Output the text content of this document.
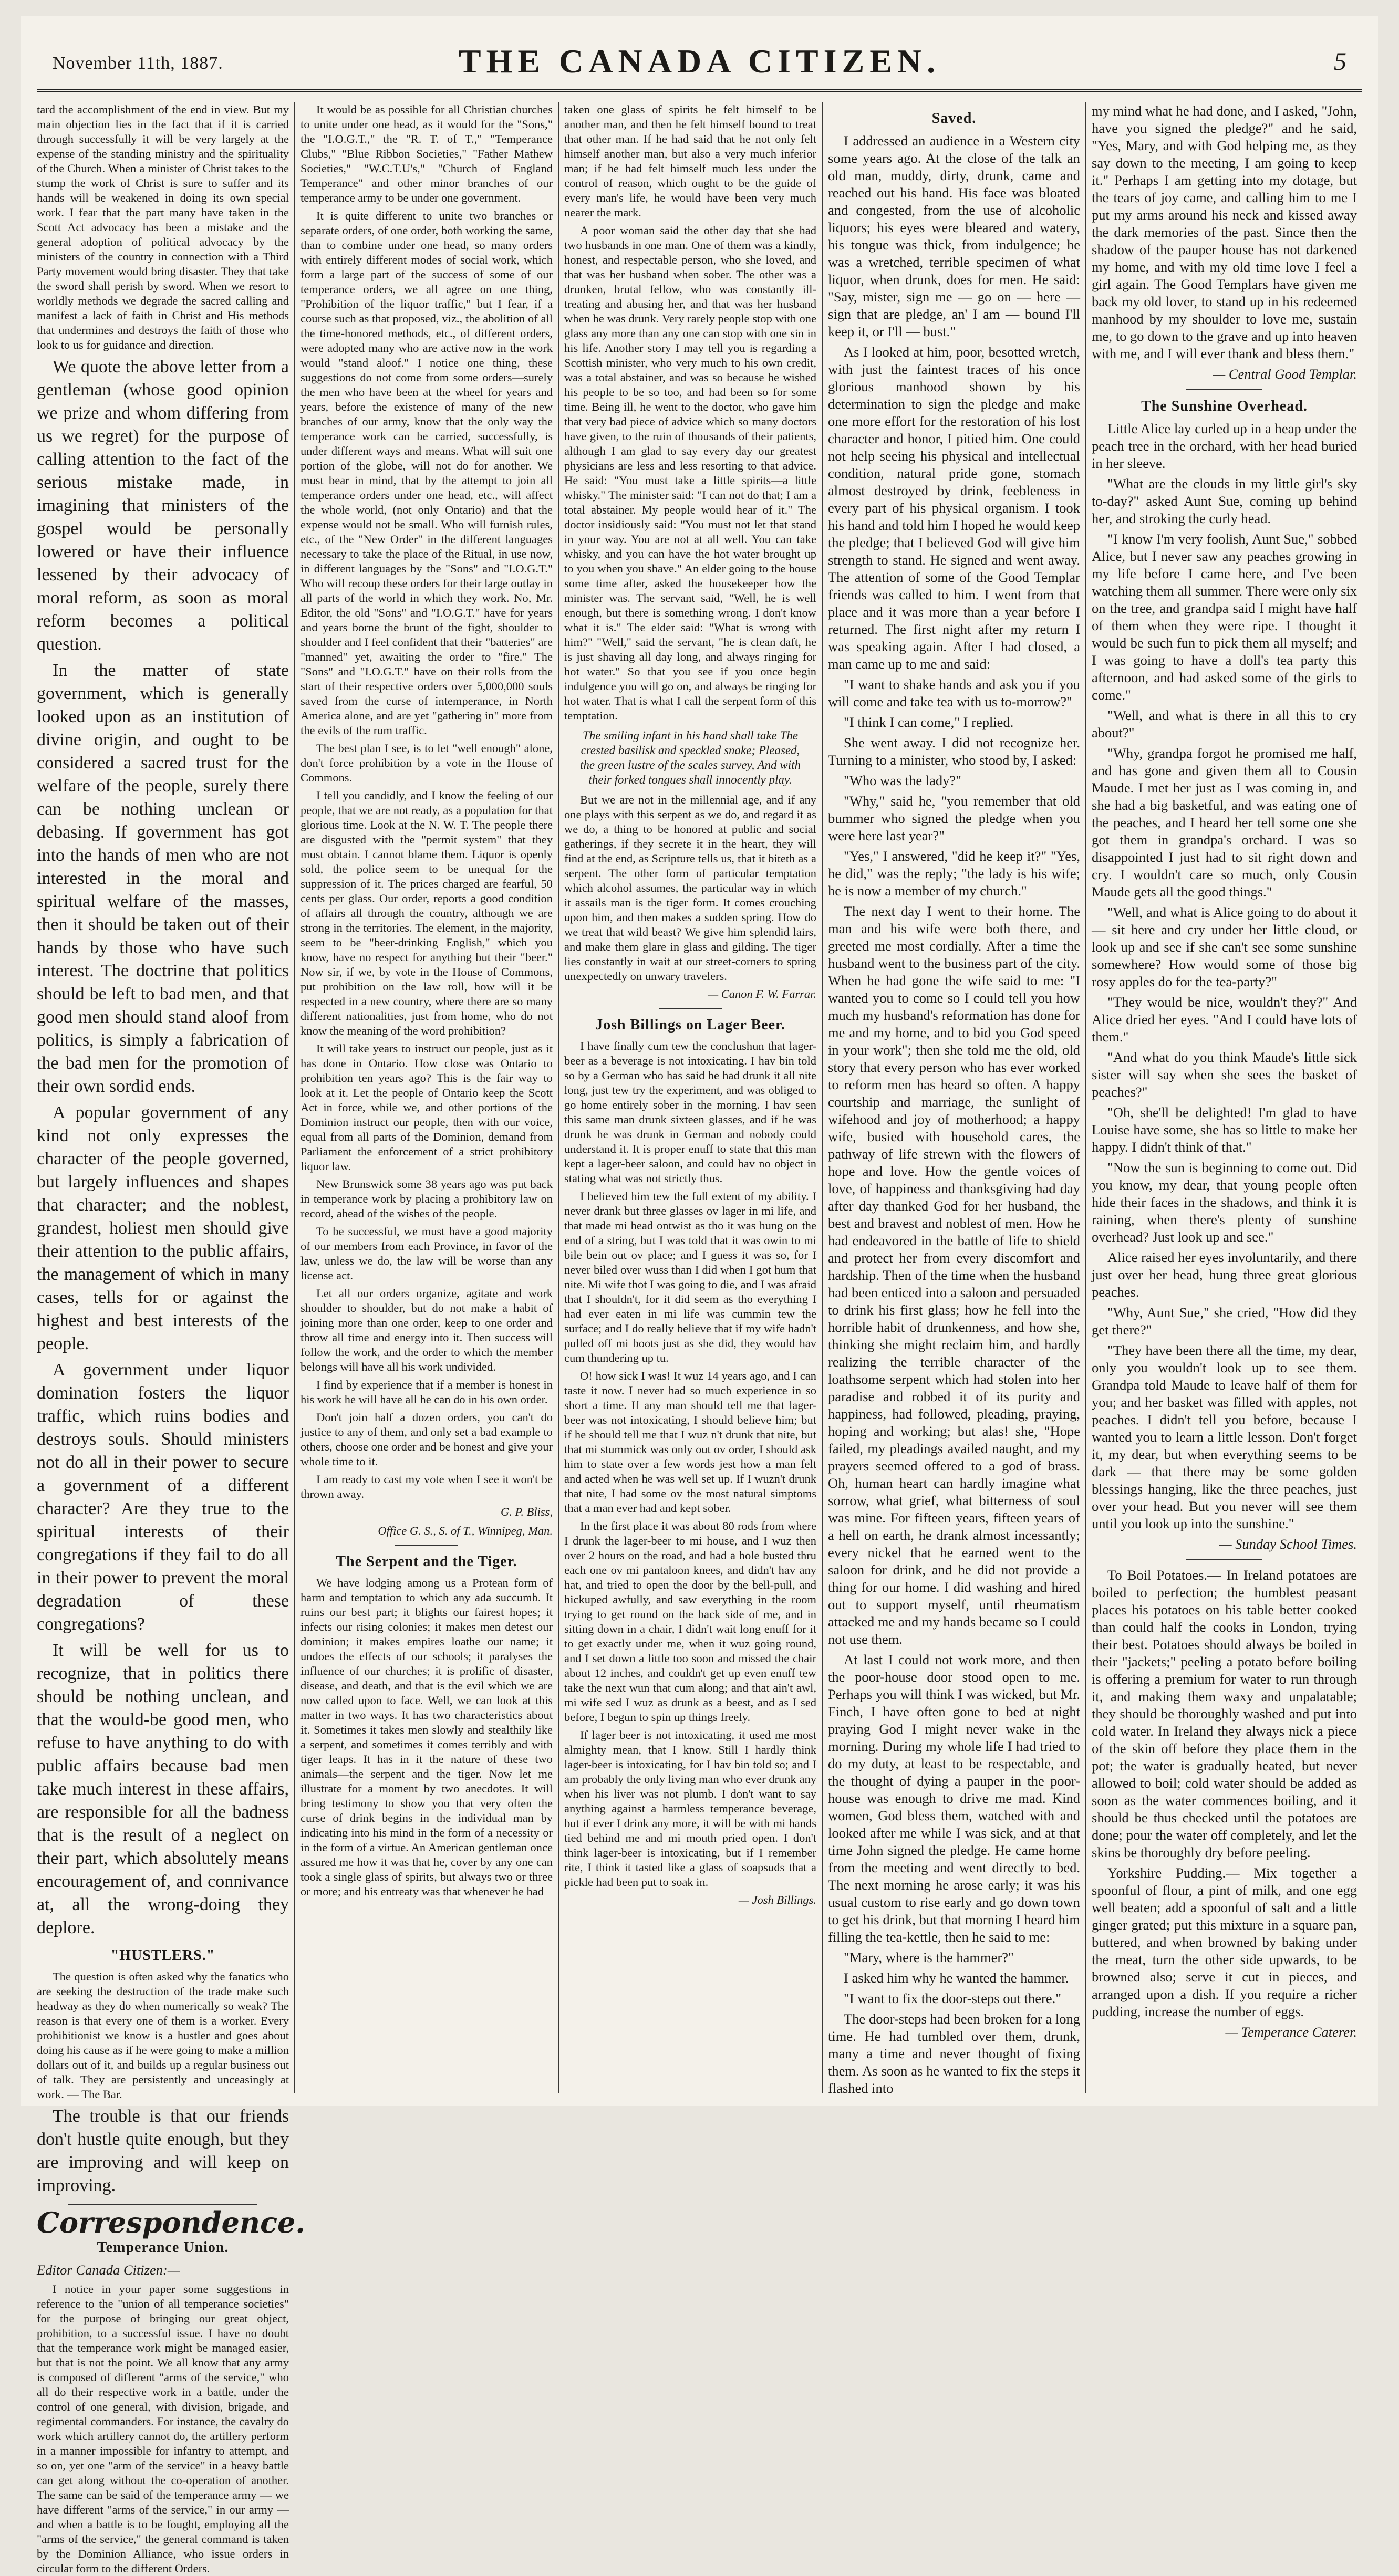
November 11th, 1887.	THE CANADA CITIZEN.	5

tard the accomplishment of the end in view. But my main objection lies in the fact that if it is carried through successfully it will be very largely at the expense of the standing ministry and the spirituality of the Church. When a minister of Christ takes to the stump the work of Christ is sure to suffer and its hands will be weakened in doing its own special work. I fear that the part many have taken in the Scott Act advocacy has been a mistake and the general adoption of political advocacy by the ministers of the country in connection with a Third Party movement would bring disaster. They that take the sword shall perish by sword. When we resort to worldly methods we degrade the sacred calling and manifest a lack of faith in Christ and His methods that undermines and destroys the faith of those who look to us for guidance and direction.

We quote the above letter from a gentleman (whose good opinion we prize and whom differing from us we regret) for the purpose of calling attention to the fact of the serious mistake made, in imagining that ministers of the gospel would be personally lowered or have their influence lessened by their advocacy of moral reform, as soon as moral reform becomes a political question.

In the matter of state government, which is generally looked upon as an institution of divine origin, and ought to be considered a sacred trust for the welfare of the people, surely there can be nothing unclean or debasing. If government has got into the hands of men who are not interested in the moral and spiritual welfare of the masses, then it should be taken out of their hands by those who have such interest. The doctrine that politics should be left to bad men, and that good men should stand aloof from politics, is simply a fabrication of the bad men for the promotion of their own sordid ends.

A popular government of any kind not only expresses the character of the people governed, but largely influences and shapes that character; and the noblest, grandest, holiest men should give their attention to the public affairs, the management of which in many cases, tells for or against the highest and best interests of the people.

A government under liquor domination fosters the liquor traffic, which ruins bodies and destroys souls. Should ministers not do all in their power to secure a government of a different character? Are they true to the spiritual interests of their congregations if they fail to do all in their power to prevent the moral degradation of these congregations?

It will be well for us to recognize, that in politics there should be nothing unclean, and that the would-be good men, who refuse to have anything to do with public affairs because bad men take much interest in these affairs, are responsible for all the badness that is the result of a neglect on their part, which absolutely means encouragement of, and connivance at, all the wrong-doing they deplore.

"HUSTLERS."

The question is often asked why the fanatics who are seeking the destruction of the trade make such headway as they do when numerically so weak? The reason is that every one of them is a worker. Every prohibitionist we know is a hustler and goes about doing his cause as if he were going to make a million dollars out of it, and builds up a regular business out of talk. They are persistently and unceasingly at work. — The Bar.

The trouble is that our friends don't hustle quite enough, but they are improving and will keep on improving.

Correspondence.
Temperance Union.

Editor Canada Citizen:—

I notice in your paper some suggestions in reference to the "union of all temperance societies" for the purpose of bringing our great object, prohibition, to a successful issue. I have no doubt that the temperance work might be managed easier, but that is not the point. We all know that any army is composed of different "arms of the service," who all do their respective work in a battle, under the control of one general, with division, brigade, and regimental commanders. For instance, the cavalry do work which artillery cannot do, the artillery perform in a manner impossible for infantry to attempt, and so on, yet one "arm of the service" in a heavy battle can get along without the co-operation of another. The same can be said of the temperance army — we have different "arms of the service," in our army — and when a battle is to be fought, employing all the "arms of the service," the general command is taken by the Dominion Alliance, who issue orders in circular form to the different Orders.

It would be as possible for all Christian churches to unite under one head, as it would for the "Sons," the "I.O.G.T.," the "R. T. of T.," "Temperance Clubs," "Blue Ribbon Societies," "Father Mathew Societies," "W.C.T.U's," "Church of England Temperance" and other minor branches of our temperance army to be under one government.

It is quite different to unite two branches or separate orders, of one order, both working the same, than to combine under one head, so many orders with entirely different modes of social work, which form a large part of the success of some of our temperance orders, we all agree on one thing, "Prohibition of the liquor traffic," but I fear, if a course such as that proposed, viz., the abolition of all the time-honored methods, etc., of different orders, were adopted many who are active now in the work would "stand aloof." I notice one thing, these suggestions do not come from some orders—surely the men who have been at the wheel for years and years, before the existence of many of the new branches of our army, know that the only way the temperance work can be carried, successfully, is under different ways and means. What will suit one portion of the globe, will not do for another. We must bear in mind, that by the attempt to join all temperance orders under one head, etc., will affect the whole world, (not only Ontario) and that the expense would not be small. Who will furnish rules, etc., of the "New Order" in the different languages necessary to take the place of the Ritual, in use now, in different languages by the "Sons" and "I.O.G.T." Who will recoup these orders for their large outlay in all parts of the world in which they work. No, Mr. Editor, the old "Sons" and "I.O.G.T." have for years and years borne the brunt of the fight, shoulder to shoulder and I feel confident that their "batteries" are "manned" yet, awaiting the order to "fire." The "Sons" and "I.O.G.T." have on their rolls from the start of their respective orders over 5,000,000 souls saved from the curse of intemperance, in North America alone, and are yet "gathering in" more from the evils of the rum traffic.

The best plan I see, is to let "well enough" alone, don't force prohibition by a vote in the House of Commons.

I tell you candidly, and I know the feeling of our people, that we are not ready, as a population for that glorious time. Look at the N. W. T. The people there are disgusted with the "permit system" that they must obtain. I cannot blame them. Liquor is openly sold, the police seem to be unequal for the suppression of it. The prices charged are fearful, 50 cents per glass. Our order, reports a good condition of affairs all through the country, although we are strong in the territories. The element, in the majority, seem to be "beer-drinking English," which you know, have no respect for anything but their "beer." Now sir, if we, by vote in the House of Commons, put prohibition on the law roll, how will it be respected in a new country, where there are so many different nationalities, just from home, who do not know the meaning of the word prohibition?

It will take years to instruct our people, just as it has done in Ontario. How close was Ontario to prohibition ten years ago? This is the fair way to look at it. Let the people of Ontario keep the Scott Act in force, while we, and other portions of the Dominion instruct our people, then with our voice, equal from all parts of the Dominion, demand from Parliament the enforcement of a strict prohibitory liquor law.

New Brunswick some 38 years ago was put back in temperance work by placing a prohibitory law on record, ahead of the wishes of the people.

To be successful, we must have a good majority of our members from each Province, in favor of the law, unless we do, the law will be worse than any license act.

Let all our orders organize, agitate and work shoulder to shoulder, but do not make a habit of joining more than one order, keep to one order and throw all time and energy into it. Then success will follow the work, and the order to which the member belongs will have all his work undivided.

I find by experience that if a member is honest in his work he will have all he can do in his own order.

Don't join half a dozen orders, you can't do justice to any of them, and only set a bad example to others, choose one order and be honest and give your whole time to it.

I am ready to cast my vote when I see it won't be thrown away.

G. P. Bliss,

Office G. S., S. of T., Winnipeg, Man.

The Serpent and the Tiger.

We have lodging among us a Protean form of harm and temptation to which any ada succumb. It ruins our best part; it blights our fairest hopes; it infects our rising colonies; it makes men detest our dominion; it makes empires loathe our name; it undoes the effects of our schools; it paralyses the influence of our churches; it is prolific of disaster, disease, and death, and that is the evil which we are now called upon to face. Well, we can look at this matter in two ways. It has two characteristics about it. Sometimes it takes men slowly and stealthily like a serpent, and sometimes it comes terribly and with tiger leaps. It has in it the nature of these two animals—the serpent and the tiger. Now let me illustrate for a moment by two anecdotes. It will bring testimony to show you that very often the curse of drink begins in the individual man by indicating into his mind in the form of a necessity or in the form of a virtue. An American gentleman once assured me how it was that he, cover by any one can took a single glass of spirits, but always two or three or more; and his entreaty was that whenever he had

taken one glass of spirits he felt himself to be another man, and then he felt himself bound to treat that other man. If he had said that he not only felt himself another man, but also a very much inferior man; if he had felt himself much less under the control of reason, which ought to be the guide of every man's life, he would have been very much nearer the mark.

A poor woman said the other day that she had two husbands in one man. One of them was a kindly, honest, and respectable person, who she loved, and that was her husband when sober. The other was a drunken, brutal fellow, who was constantly ill-treating and abusing her, and that was her husband when he was drunk. Very rarely people stop with one glass any more than any one can stop with one sin in his life. Another story I may tell you is regarding a Scottish minister, who very much to his own credit, was a total abstainer, and was so because he wished his people to be so too, and had been so for some time. Being ill, he went to the doctor, who gave him that very bad piece of advice which so many doctors have given, to the ruin of thousands of their patients, although I am glad to say every day our greatest physicians are less and less resorting to that advice. He said: "You must take a little spirits—a little whisky." The minister said: "I can not do that; I am a total abstainer. My people would hear of it." The doctor insidiously said: "You must not let that stand in your way. You are not at all well. You can take whisky, and you can have the hot water brought up to you when you shave." An elder going to the house some time after, asked the housekeeper how the minister was. The servant said, "Well, he is well enough, but there is something wrong. I don't know what it is." The elder said: "What is wrong with him?" "Well," said the servant, "he is clean daft, he is just shaving all day long, and always ringing for hot water." So that you see if you once begin indulgence you will go on, and always be ringing for hot water. That is what I call the serpent form of this temptation.

The smiling infant in his hand shall take The crested basilisk and speckled snake; Pleased, the green lustre of the scales survey, And with their forked tongues shall innocently play.

But we are not in the millennial age, and if any one plays with this serpent as we do, and regard it as we do, a thing to be honored at public and social gatherings, if they secrete it in the heart, they will find at the end, as Scripture tells us, that it biteth as a serpent. The other form of particular temptation which alcohol assumes, the particular way in which it assails man is the tiger form. It comes crouching upon him, and then makes a sudden spring. How do we treat that wild beast? We give him splendid lairs, and make them glare in glass and gilding. The tiger lies constantly in wait at our street-corners to spring unexpectedly on unwary travelers.

— Canon F. W. Farrar.

Josh Billings on Lager Beer.

I have finally cum tew the conclushun that lager-beer as a beverage is not intoxicating. I hav bin told so by a German who has said he had drunk it all nite long, just tew try the experiment, and was obliged to go home entirely sober in the morning. I hav seen this same man drunk sixteen glasses, and if he was drunk he was drunk in German and nobody could understand it. It is proper enuff to state that this man kept a lager-beer saloon, and could hav no object in stating what was not strictly thus.

I believed him tew the full extent of my ability. I never drank but three glasses ov lager in mi life, and that made mi head ontwist as tho it was hung on the end of a string, but I was told that it was owin to mi bile bein out ov place; and I guess it was so, for I never biled over wuss than I did when I got hum that nite. Mi wife thot I was going to die, and I was afraid that I shouldn't, for it did seem as tho everything I had ever eaten in mi life was cummin tew the surface; and I do really believe that if my wife hadn't pulled off mi boots just as she did, they would hav cum thundering up tu.

O! how sick I was! It wuz 14 years ago, and I can taste it now. I never had so much experience in so short a time. If any man should tell me that lager-beer was not intoxicating, I should believe him; but if he should tell me that I wuz n't drunk that nite, but that mi stummick was only out ov order, I should ask him to state over a few words jest how a man felt and acted when he was well set up. If I wuzn't drunk that nite, I had some ov the most natural simptoms that a man ever had and kept sober.

In the first place it was about 80 rods from where I drunk the lager-beer to mi house, and I wuz then over 2 hours on the road, and had a hole busted thru each one ov mi pantaloon knees, and didn't hav any hat, and tried to open the door by the bell-pull, and hickuped awfully, and saw everything in the room trying to get round on the back side of me, and in sitting down in a chair, I didn't wait long enuff for it to get exactly under me, when it wuz going round, and I set down a little too soon and missed the chair about 12 inches, and couldn't get up even enuff tew take the next wun that cum along; and that ain't awl, mi wife sed I wuz as drunk as a beest, and as I sed before, I begun to spin up things freely.

If lager beer is not intoxicating, it used me most almighty mean, that I know. Still I hardly think lager-beer is intoxicating, for I hav bin told so; and I am probably the only living man who ever drunk any when his liver was not plumb. I don't want to say anything against a harmless temperance beverage, but if ever I drink any more, it will be with mi hands tied behind me and mi mouth pried open. I don't think lager-beer is intoxicating, but if I remember rite, I think it tasted like a glass of soapsuds that a pickle had been put to soak in.

— Josh Billings.

Saved.

I addressed an audience in a Western city some years ago. At the close of the talk an old man, muddy, dirty, drunk, came and reached out his hand. His face was bloated and congested, from the use of alcoholic liquors; his eyes were bleared and watery, his tongue was thick, from indulgence; he was a wretched, terrible specimen of what liquor, when drunk, does for men. He said: "Say, mister, sign me — go on — here — sign that are pledge, an' I am — bound I'll keep it, or I'll — bust."

As I looked at him, poor, besotted wretch, with just the faintest traces of his once glorious manhood shown by his determination to sign the pledge and make one more effort for the restoration of his lost character and honor, I pitied him. One could not help seeing his physical and intellectual condition, natural pride gone, stomach almost destroyed by drink, feebleness in every part of his physical organism. I took his hand and told him I hoped he would keep the pledge; that I believed God will give him strength to stand. He signed and went away. The attention of some of the Good Templar friends was called to him. I went from that place and it was more than a year before I returned. The first night after my return I was speaking again. After I had closed, a man came up to me and said:

"I want to shake hands and ask you if you will come and take tea with us to-morrow?"

"I think I can come," I replied.

She went away. I did not recognize her. Turning to a minister, who stood by, I asked:

"Who was the lady?"

"Why," said he, "you remember that old bummer who signed the pledge when you were here last year?"

"Yes," I answered, "did he keep it?" "Yes, he did," was the reply; "the lady is his wife; he is now a member of my church."

The next day I went to their home. The man and his wife were both there, and greeted me most cordially. After a time the husband went to the business part of the city. When he had gone the wife said to me: "I wanted you to come so I could tell you how much my husband's reformation has done for me and my home, and to bid you God speed in your work"; then she told me the old, old story that every person who has ever worked to reform men has heard so often. A happy courtship and marriage, the sunlight of wifehood and joy of motherhood; a happy wife, busied with household cares, the pathway of life strewn with the flowers of hope and love. How the gentle voices of love, of happiness and thanksgiving had day after day thanked God for her husband, the best and bravest and noblest of men. How he had endeavored in the battle of life to shield and protect her from every discomfort and hardship. Then of the time when the husband had been enticed into a saloon and persuaded to drink his first glass; how he fell into the horrible habit of drunkenness, and how she, thinking she might reclaim him, and hardly realizing the terrible character of the loathsome serpent which had stolen into her paradise and robbed it of its purity and happiness, had followed, pleading, praying, hoping and working; but alas! she, "Hope failed, my pleadings availed naught, and my prayers seemed offered to a god of brass. Oh, human heart can hardly imagine what sorrow, what grief, what bitterness of soul was mine. For fifteen years, fifteen years of a hell on earth, he drank almost incessantly; every nickel that he earned went to the saloon for drink, and he did not provide a thing for our home. I did washing and hired out to support myself, until rheumatism attacked me and my hands became so I could not use them.

At last I could not work more, and then the poor-house door stood open to me. Perhaps you will think I was wicked, but Mr. Finch, I have often gone to bed at night praying God I might never wake in the morning. During my whole life I had tried to do my duty, at least to be respectable, and the thought of dying a pauper in the poor-house was enough to drive me mad. Kind women, God bless them, watched with and looked after me while I was sick, and at that time John signed the pledge. He came home from the meeting and went directly to bed. The next morning he arose early; it was his usual custom to rise early and go down town to get his drink, but that morning I heard him filling the tea-kettle, then he said to me:

"Mary, where is the hammer?"

I asked him why he wanted the hammer.

"I want to fix the door-steps out there."

The door-steps had been broken for a long time. He had tumbled over them, drunk, many a time and never thought of fixing them. As soon as he wanted to fix the steps it flashed into

my mind what he had done, and I asked, "John, have you signed the pledge?" and he said, "Yes, Mary, and with God helping me, as they say down to the meeting, I am going to keep it." Perhaps I am getting into my dotage, but the tears of joy came, and calling him to me I put my arms around his neck and kissed away the dark memories of the past. Since then the shadow of the pauper house has not darkened my home, and with my old time love I feel a girl again. The Good Templars have given me back my old lover, to stand up in his redeemed manhood by my shoulder to love me, sustain me, to go down to the grave and up into heaven with me, and I will ever thank and bless them."

— Central Good Templar.

The Sunshine Overhead.

Little Alice lay curled up in a heap under the peach tree in the orchard, with her head buried in her sleeve.

"What are the clouds in my little girl's sky to-day?" asked Aunt Sue, coming up behind her, and stroking the curly head.

"I know I'm very foolish, Aunt Sue," sobbed Alice, but I never saw any peaches growing in my life before I came here, and I've been watching them all summer. There were only six on the tree, and grandpa said I might have half of them when they were ripe. I thought it would be such fun to pick them all myself; and I was going to have a doll's tea party this afternoon, and had asked some of the girls to come."

"Well, and what is there in all this to cry about?"

"Why, grandpa forgot he promised me half, and has gone and given them all to Cousin Maude. I met her just as I was coming in, and she had a big basketful, and was eating one of the peaches, and I heard her tell some one she got them in grandpa's orchard. I was so disappointed I just had to sit right down and cry. I wouldn't care so much, only Cousin Maude gets all the good things."

"Well, and what is Alice going to do about it — sit here and cry under her little cloud, or look up and see if she can't see some sunshine somewhere? How would some of those big rosy apples do for the tea-party?"

"They would be nice, wouldn't they?" And Alice dried her eyes. "And I could have lots of them."

"And what do you think Maude's little sick sister will say when she sees the basket of peaches?"

"Oh, she'll be delighted! I'm glad to have Louise have some, she has so little to make her happy. I didn't think of that."

"Now the sun is beginning to come out. Did you know, my dear, that young people often hide their faces in the shadows, and think it is raining, when there's plenty of sunshine overhead? Just look up and see."

Alice raised her eyes involuntarily, and there just over her head, hung three great glorious peaches.

"Why, Aunt Sue," she cried, "How did they get there?"

"They have been there all the time, my dear, only you wouldn't look up to see them. Grandpa told Maude to leave half of them for you; and her basket was filled with apples, not peaches. I didn't tell you before, because I wanted you to learn a little lesson. Don't forget it, my dear, but when everything seems to be dark — that there may be some golden blessings hanging, like the three peaches, just over your head. But you never will see them until you look up into the sunshine."

— Sunday School Times.

To Boil Potatoes.— In Ireland potatoes are boiled to perfection; the humblest peasant places his potatoes on his table better cooked than could half the cooks in London, trying their best. Potatoes should always be boiled in their "jackets;" peeling a potato before boiling is offering a premium for water to run through it, and making them waxy and unpalatable; they should be thoroughly washed and put into cold water. In Ireland they always nick a piece of the skin off before they place them in the pot; the water is gradually heated, but never allowed to boil; cold water should be added as soon as the water commences boiling, and it should be thus checked until the potatoes are done; pour the water off completely, and let the skins be thoroughly dry before peeling.

Yorkshire Pudding.— Mix together a spoonful of flour, a pint of milk, and one egg well beaten; add a spoonful of salt and a little ginger grated; put this mixture in a square pan, buttered, and when browned by baking under the meat, turn the other side upwards, to be browned also; serve it cut in pieces, and arranged upon a dish. If you require a richer pudding, increase the number of eggs.

— Temperance Caterer.
